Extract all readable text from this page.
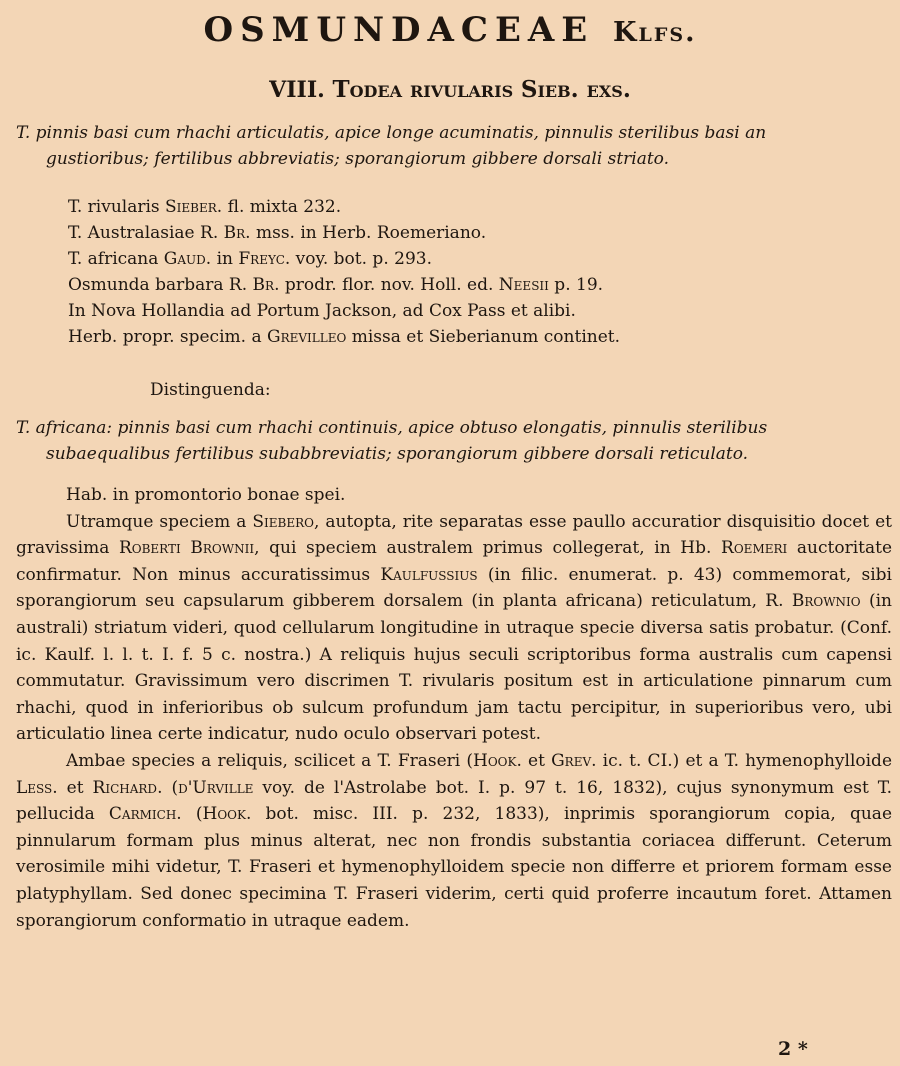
OSMUNDACEAE Klfs.
VIII. Todea rivularis Sieb. exs.
T. pinnis basi cum rhachi articulatis, apice longe acuminatis, pinnulis sterilibus basi an
gustioribus; fertilibus abbreviatis; sporangiorum gibbere dorsali striato.
T. rivularis Sieber. fl. mixta 232.
T. Australasiae R. Br. mss. in Herb. Roemeriano.
T. africana Gaud. in Freyc. voy. bot. p. 293.
Osmunda barbara R. Br. prodr. flor. nov. Holl. ed. Neesii p. 19.
In Nova Hollandia ad Portum Jackson, ad Cox Pass et alibi.
Herb. propr. specim. a Grevilleo missa et Sieberianum continet.
Distinguenda:
T. africana: pinnis basi cum rhachi continuis, apice obtuso elongatis, pinnulis sterilibus
subaequalibus fertilibus subabbreviatis; sporangiorum gibbere dorsali reticulato.

Hab. in promontorio bonae spei.

Utramque speciem a Siebero, autopta, rite separatas esse paullo accuratior disquisitio docet et gravissima Roberti Brownii, qui speciem australem primus collegerat, in Hb. Roemeri auctoritate confirmatur. Non minus accuratissimus Kaulfussius (in filic. enumerat. p. 43) commemorat, sibi sporangiorum seu capsularum gibberem dorsalem (in planta africana) reticulatum, R. Brownio (in australi) striatum videri, quod cellularum longitudine in utraque specie diversa satis probatur. (Conf. ic. Kaulf. l. l. t. I. f. 5 c. nostra.) A reliquis hujus seculi scriptoribus forma australis cum capensi commutatur. Gravissimum vero discrimen T. rivularis positum est in articulatione pinnarum cum rhachi, quod in inferioribus ob sulcum profundum jam tactu percipitur, in superioribus vero, ubi articulatio linea certe indicatur, nudo oculo observari potest.

Ambae species a reliquis, scilicet a T. Fraseri (Hook. et Grev. ic. t. CI.) et a T. hymenophylloide Less. et Richard. (d'Urville voy. de l'Astrolabe bot. I. p. 97 t. 16, 1832), cujus synonymum est T. pellucida Carmich. (Hook. bot. misc. III. p. 232, 1833), inprimis sporangiorum copia, quae pinnularum formam plus minus alterat, nec non frondis substantia coriacea differunt. Ceterum verosimile mihi videtur, T. Fraseri et hymenophylloidem specie non differre et priorem formam esse platyphyllam. Sed donec specimina T. Fraseri viderim, certi quid proferre incautum foret. Attamen sporangiorum conformatio in utraque eadem.

2 *
